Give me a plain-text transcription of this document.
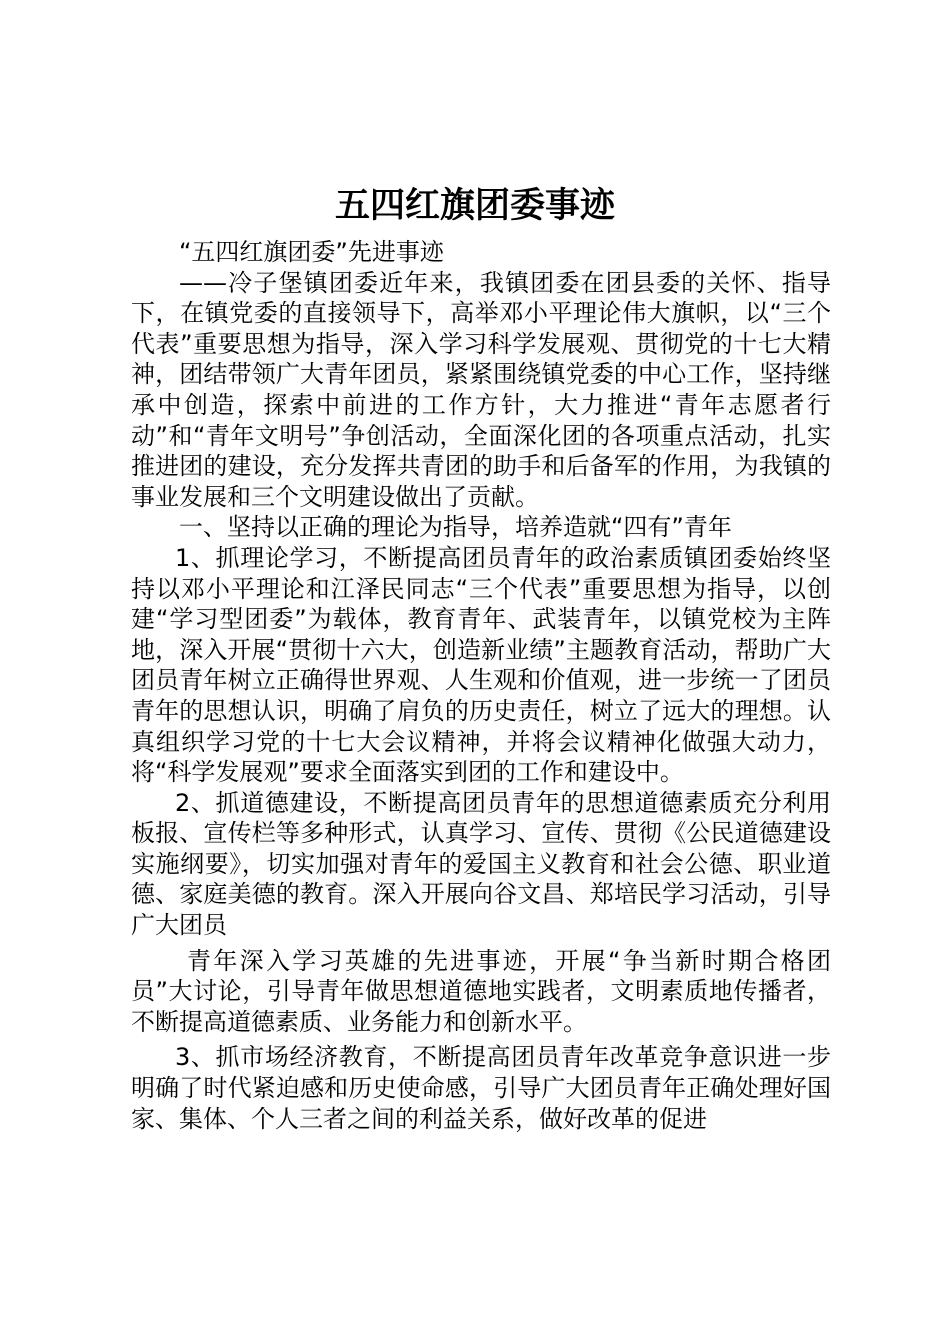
五四红旗团委事迹

“五四红旗团委”先进事迹

——冷子堡镇团委近年来，我镇团委在团县委的关怀、指导下，在镇党委的直接领导下，高举邓小平理论伟大旗帜，以“三个代表”重要思想为指导，深入学习科学发展观、贯彻党的十七大精神，团结带领广大青年团员，紧紧围绕镇党委的中心工作，坚持继承中创造，探索中前进的工作方针，大力推进“青年志愿者行动”和“青年文明号”争创活动，全面深化团的各项重点活动，扎实推进团的建设，充分发挥共青团的助手和后备军的作用，为我镇的事业发展和三个文明建设做出了贡献。

一、坚持以正确的理论为指导，培养造就“四有”青年

1、抓理论学习，不断提高团员青年的政治素质镇团委始终坚持以邓小平理论和江泽民同志“三个代表”重要思想为指导，以创建“学习型团委”为载体，教育青年、武装青年，以镇党校为主阵地，深入开展“贯彻十六大，创造新业绩”主题教育活动，帮助广大团员青年树立正确得世界观、人生观和价值观，进一步统一了团员青年的思想认识，明确了肩负的历史责任，树立了远大的理想。认真组织学习党的十七大会议精神，并将会议精神化做强大动力，将“科学发展观”要求全面落实到团的工作和建设中。

2、抓道德建设，不断提高团员青年的思想道德素质充分利用板报、宣传栏等多种形式，认真学习、宣传、贯彻《公民道德建设实施纲要》，切实加强对青年的爱国主义教育和社会公德、职业道德、家庭美德的教育。深入开展向谷文昌、郑培民学习活动，引导广大团员

青年深入学习英雄的先进事迹，开展“争当新时期合格团员”大讨论，引导青年做思想道德地实践者，文明素质地传播者，不断提高道德素质、业务能力和创新水平。

3、抓市场经济教育，不断提高团员青年改革竞争意识进一步明确了时代紧迫感和历史使命感，引导广大团员青年正确处理好国家、集体、个人三者之间的利益关系，做好改革的促进
